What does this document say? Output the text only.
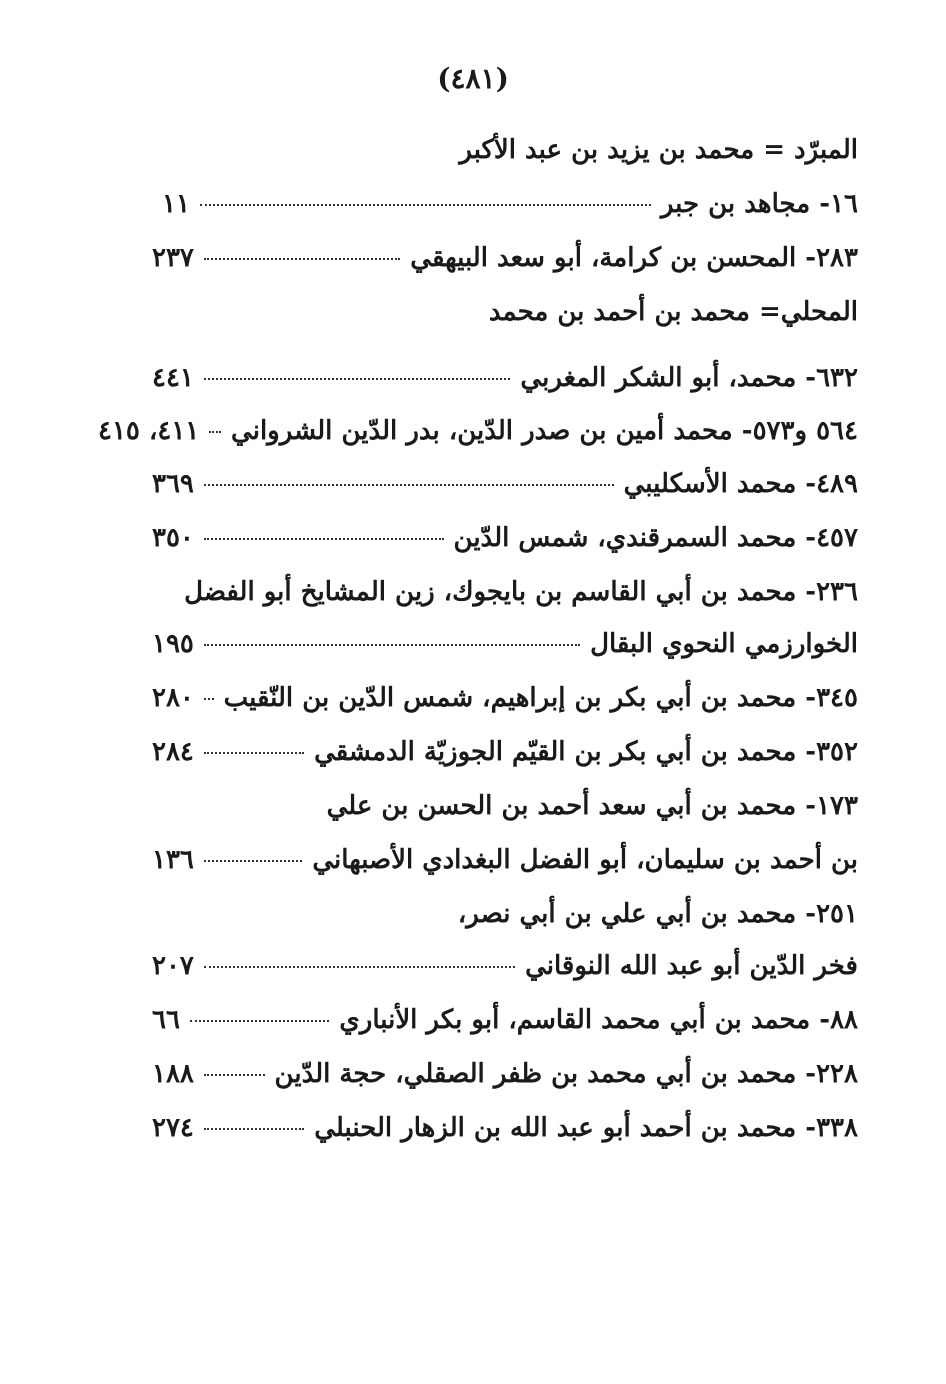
(٤٨١)
المبرّد = محمد بن يزيد بن عبد الأكبر
١٦- مجاهد بن جبر
١١
٢٨٣- المحسن بن كرامة، أبو سعد البيهقي
٢٣٧
المحلي= محمد بن أحمد بن محمد
٦٣٢- محمد، أبو الشكر المغربي
٤٤١
٥٦٤ و٥٧٣- محمد أمين بن صدر الدّين، بدر الدّين الشرواني
٤١١، ٤١٥
٤٨٩- محمد الأسكليبي
٣٦٩
٤٥٧- محمد السمرقندي، شمس الدّين
٣٥٠
٢٣٦- محمد بن أبي القاسم بن بايجوك، زين المشايخ أبو الفضل
الخوارزمي النحوي البقال
١٩٥
٣٤٥- محمد بن أبي بكر بن إبراهيم، شمس الدّين بن النّقيب
٢٨٠
٣٥٢- محمد بن أبي بكر بن القيّم الجوزيّة الدمشقي
٢٨٤
١٧٣- محمد بن أبي سعد أحمد بن الحسن بن علي
بن أحمد بن سليمان، أبو الفضل البغدادي الأصبهاني
١٣٦
٢٥١- محمد بن أبي علي بن أبي نصر،
فخر الدّين أبو عبد الله النوقاني
٢٠٧
٨٨- محمد بن أبي محمد القاسم، أبو بكر الأنباري
٦٦
٢٢٨- محمد بن أبي محمد بن ظفر الصقلي، حجة الدّين
١٨٨
٣٣٨- محمد بن أحمد أبو عبد الله بن الزهار الحنبلي
٢٧٤
